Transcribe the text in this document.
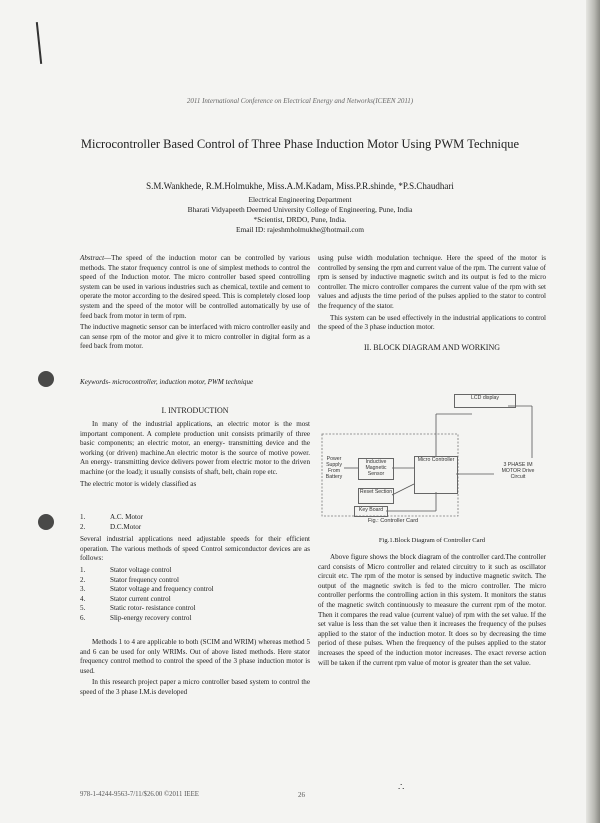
2011 International Conference on Electrical Energy and Networks(ICEEN 2011)
Microcontroller Based Control of Three Phase Induction Motor Using PWM Technique
S.M.Wankhede, R.M.Holmukhe, Miss.A.M.Kadam, Miss.P.R.shinde, *P.S.Chaudhari
Electrical Engineering Department
Bharati Vidyapeeth Deemed University College of Engineering, Pune, India
*Scientist, DRDO, Pune, India.
Email ID: rajeshmholmukhe@hotmail.com

Abstract—The speed of the induction motor can be controlled by various methods. The stator frequency control is one of simplest methods to control the speed of the Induction motor. The micro controller based speed controlling system can be used in various industries such as chemical, textile and cement to operate the motor according to the desired speed. This is completely closed loop system and the speed of the motor will be controlled automatically by use of feed back from motor in term of rpm.

The inductive magnetic sensor can be interfaced with micro controller easily and can sense rpm of the motor and give it to micro controller in digital form as a feed back from motor.

Keywords- microcontroller, induction motor, PWM technique
I. INTRODUCTION

In many of the industrial applications, an electric motor is the most important component. A complete production unit consists primarily of three basic components; an electric motor, an energy- transmitting device and the working (or driven) machine.An electric motor is the source of motive power. An energy- transmitting device delivers power from electric motor to the driven machine (or the load); it usually consists of shaft, belt, chain rope etc.

The electric motor is widely classified as

1.	A.C. Motor
2.	D.C.Motor
Several industrial applications need adjustable speeds for their efficient operation. The various methods of speed Control semiconductor devices are as follows:
1.	Stator voltage control
2.	Stator frequency control
3.	Stator voltage and frequency control
4.	Stator current control
5.	Static rotor- resistance control
6.	Slip-energy recovery control

Methods 1 to 4 are applicable to both (SCIM and WRIM) whereas method 5 and 6 can be used for only WRIMs. Out of above listed methods. Here stator frequency control method to control the speed of the 3 phase induction motor is used.

In this research project paper a micro controller based system to control the speed of the 3 phase I.M.is developed

using pulse width modulation technique. Here the speed of the motor is controlled by sensing the rpm and current value of the rpm. The current value of rpm is sensed by inductive magnetic switch and its output is fed to the micro controller. The micro controller compares the current value of the rpm with set values and adjusts the time period of the pulses applied to the stator to control the frequency of the stator.

This system can be used effectively in the industrial applications to control the speed of the 3 phase induction motor.

II. BLOCK DIAGRAM AND WORKING
LCD display
Power Supply From Battery
Inductive Magnetic Sensor
Micro Controller
Reset Section
Key Board
3 PHASE IM MOTOR Drive Circuit
Fig.: Controller Card
Fig.1.Block Diagram of Controller Card

Above figure shows the block diagram of the controller card.The controller card consists of Micro controller and related circuitry to it such as oscillator circuit etc. The rpm of the motor is sensed by inductive magnetic switch. The output of the magnetic switch is fed to the micro controller. The micro controller performs the controlling action in this system. It monitors the status of the magnetic switch continuously to measure the current rpm of the motor. Then it compares the read value (current value) of rpm with the set value. If the set value is less than the set value then it increases the frequency of the pulses applied to the stator of the induction motor. It does so by decreasing the time period of these pulses. When the frequency of the pulses applied to the stator increases the speed of the induction motor increases. The exact reverse action will be taken if the current rpm value of motor is greater than the set value.

∴
978-1-4244-9563-7/11/$26.00 ©2011 IEEE	26
